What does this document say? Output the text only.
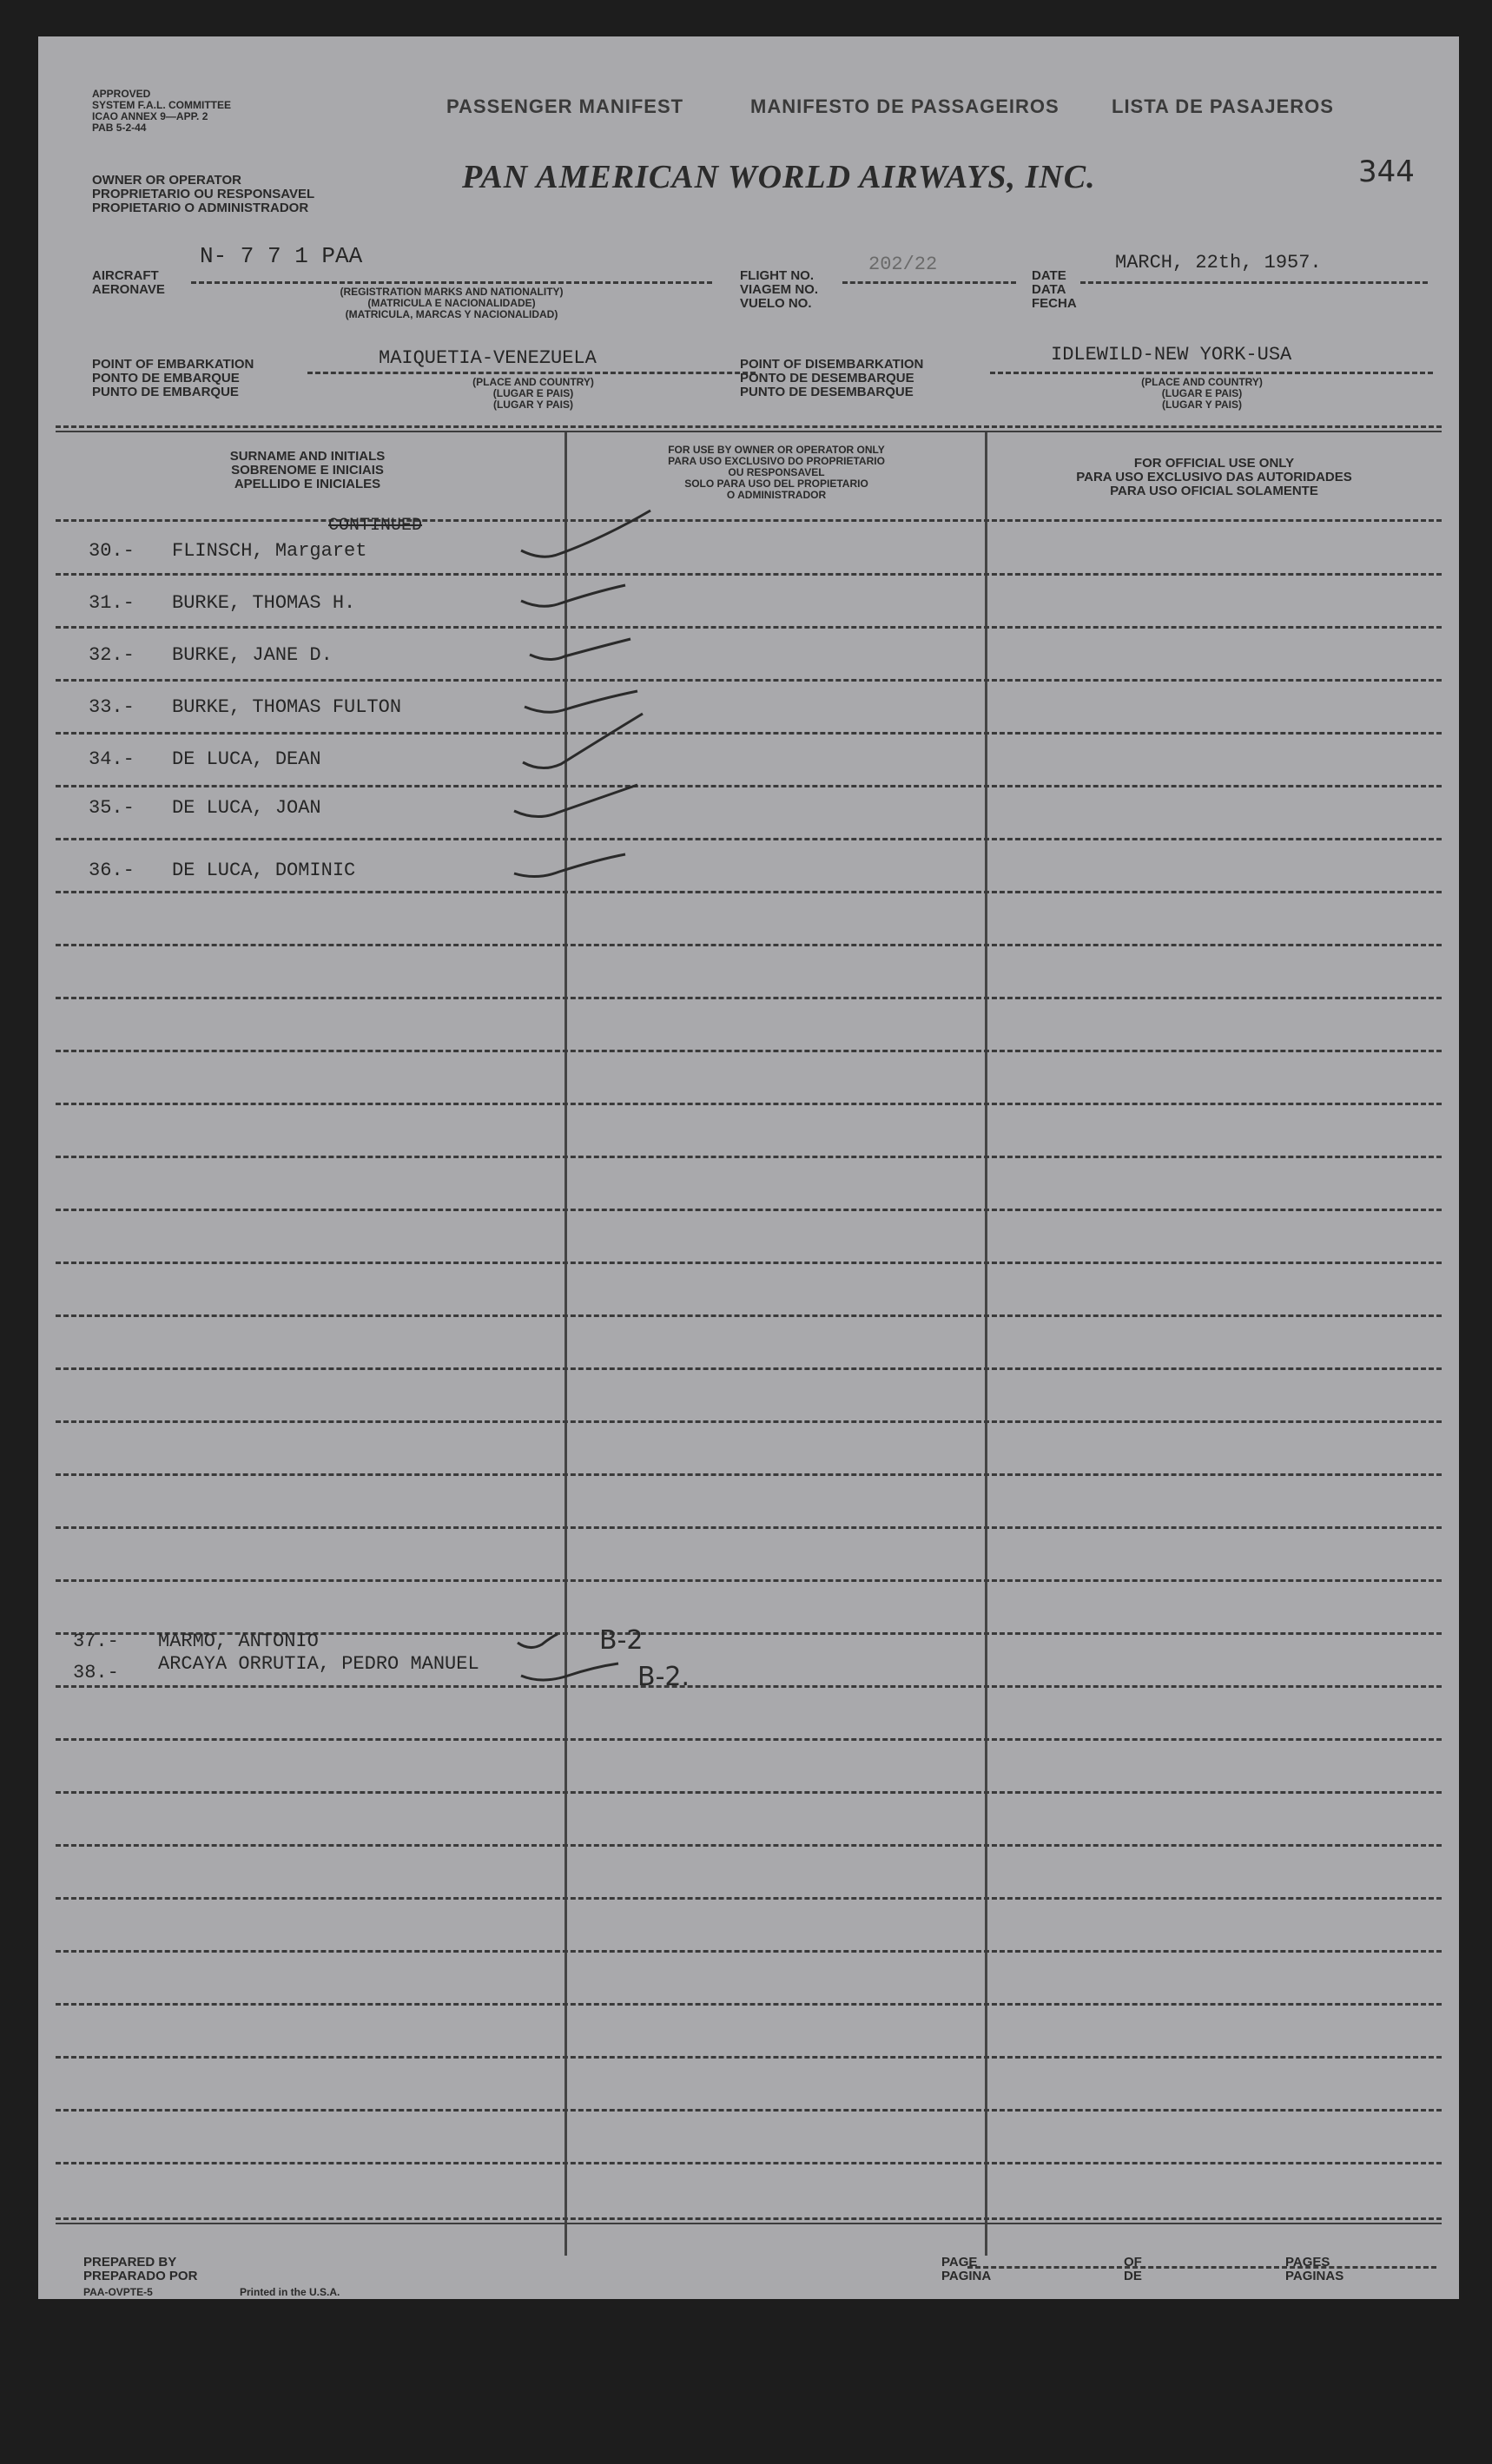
APPROVED
SYSTEM F.A.L. COMMITTEE
ICAO ANNEX 9—APP. 2
PAB 5-2-44
PASSENGER MANIFEST	MANIFESTO DE PASSAGEIROS	LISTA DE PASAJEROS
344
OWNER OR OPERATOR
PROPRIETARIO OU RESPONSAVEL
PROPIETARIO O ADMINISTRADOR
PAN AMERICAN WORLD AIRWAYS, INC.
N- 7 7 1 PAA
AIRCRAFT
AERONAVE	(REGISTRATION MARKS AND NATIONALITY)
(MATRICULA E NACIONALIDADE)
(MATRICULA, MARCAS Y NACIONALIDAD)
FLIGHT NO.
VIAGEM NO.
VUELO NO.
202/22
DATE
DATA
FECHA
MARCH, 22th, 1957.
POINT OF EMBARKATION
PONTO DE EMBARQUE
PUNTO DE EMBARQUE
MAIQUETIA-VENEZUELA
(PLACE AND COUNTRY)
(LUGAR E PAIS)
(LUGAR Y PAIS)
POINT OF DISEMBARKATION
PONTO DE DESEMBARQUE
PUNTO DE DESEMBARQUE
IDLEWILD-NEW YORK-USA
(PLACE AND COUNTRY)
(LUGAR E PAIS)
(LUGAR Y PAIS)
SURNAME AND INITIALS
SOBRENOME E INICIAIS
APELLIDO E INICIALES
FOR USE BY OWNER OR OPERATOR ONLY
PARA USO EXCLUSIVO DO PROPRIETARIO
OU RESPONSAVEL
SOLO PARA USO DEL PROPIETARIO
O ADMINISTRADOR
FOR OFFICIAL USE ONLY
PARA USO EXCLUSIVO DAS AUTORIDADES
PARA USO OFICIAL SOLAMENTE
CONTINUED
30.- FLINSCH, Margaret
31.- BURKE, THOMAS H.
32.- BURKE, JANE D.
33.- BURKE, THOMAS FULTON
34.- DE LUCA, DEAN
35.- DE LUCA, JOAN
36.- DE LUCA, DOMINIC
37.- MARMO, ANTONIO	B-2
38.- ARCAYA ORRUTIA, PEDRO MANUEL	B-2.
PREPARED BY
PREPARADO POR
PAA-OVPTE-5	Printed in the U.S.A.
PAGE
PAGINA
OF
DE
PAGES
PAGINAS
